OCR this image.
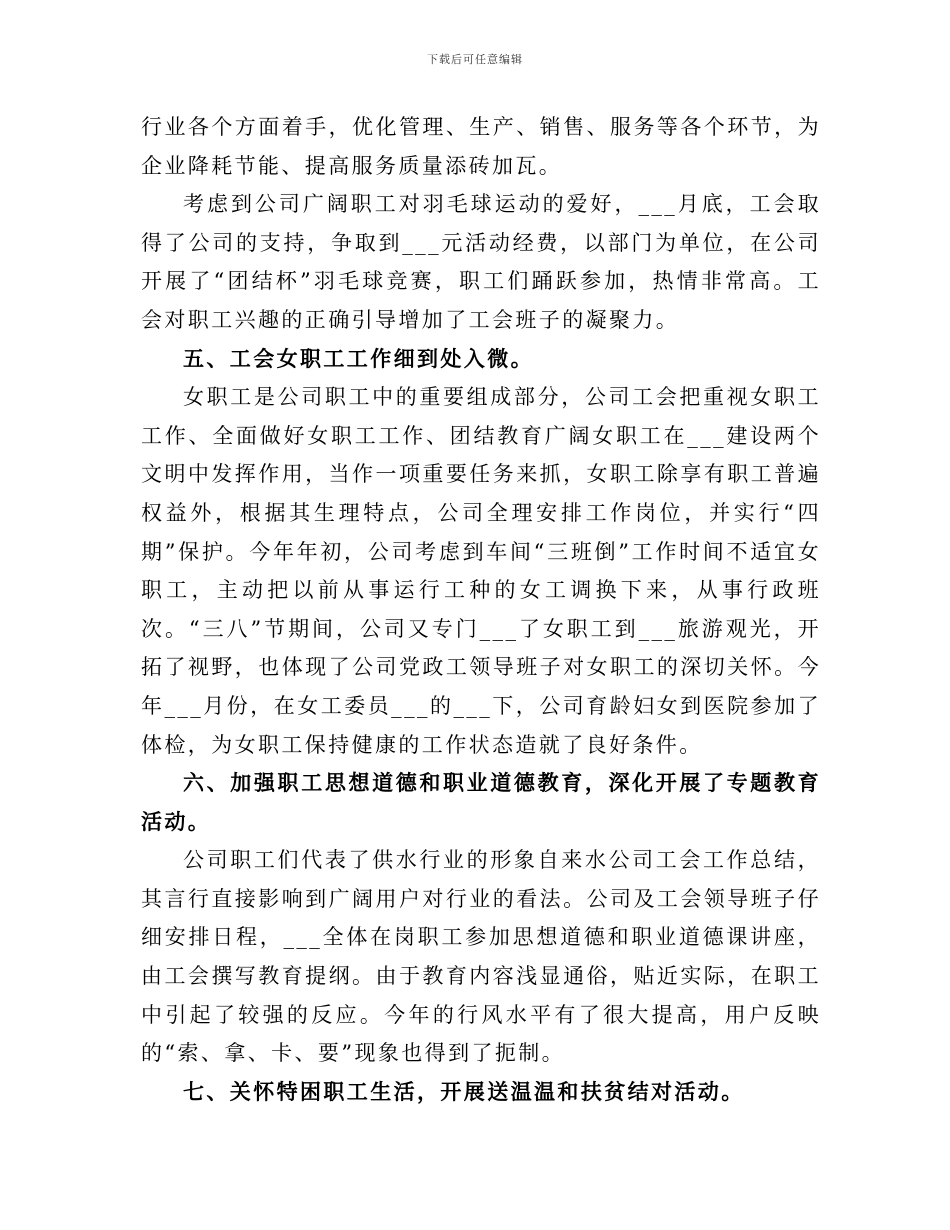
下载后可任意编辑

行业各个方面着手，优化管理、生产、销售、服务等各个环节，为企业降耗节能、提高服务质量添砖加瓦。

考虑到公司广阔职工对羽毛球运动的爱好，___月底，工会取得了公司的支持，争取到___元活动经费，以部门为单位，在公司开展了“团结杯”羽毛球竞赛，职工们踊跃参加，热情非常高。工会对职工兴趣的正确引导增加了工会班子的凝聚力。

五、工会女职工工作细到处入微。

女职工是公司职工中的重要组成部分，公司工会把重视女职工工作、全面做好女职工工作、团结教育广阔女职工在___建设两个文明中发挥作用，当作一项重要任务来抓，女职工除享有职工普遍权益外，根据其生理特点，公司全理安排工作岗位，并实行“四期”保护。今年年初，公司考虑到车间“三班倒”工作时间不适宜女职工，主动把以前从事运行工种的女工调换下来，从事行政班次。“三八”节期间，公司又专门___了女职工到___旅游观光，开拓了视野，也体现了公司党政工领导班子对女职工的深切关怀。今年___月份，在女工委员___的___下，公司育龄妇女到医院参加了体检，为女职工保持健康的工作状态造就了良好条件。

六、加强职工思想道德和职业道德教育，深化开展了专题教育活动。

公司职工们代表了供水行业的形象自来水公司工会工作总结，其言行直接影响到广阔用户对行业的看法。公司及工会领导班子仔细安排日程，___全体在岗职工参加思想道德和职业道德课讲座，由工会撰写教育提纲。由于教育内容浅显通俗，贴近实际，在职工中引起了较强的反应。今年的行风水平有了很大提高，用户反映的“索、拿、卡、要”现象也得到了扼制。

七、关怀特困职工生活，开展送温温和扶贫结对活动。
